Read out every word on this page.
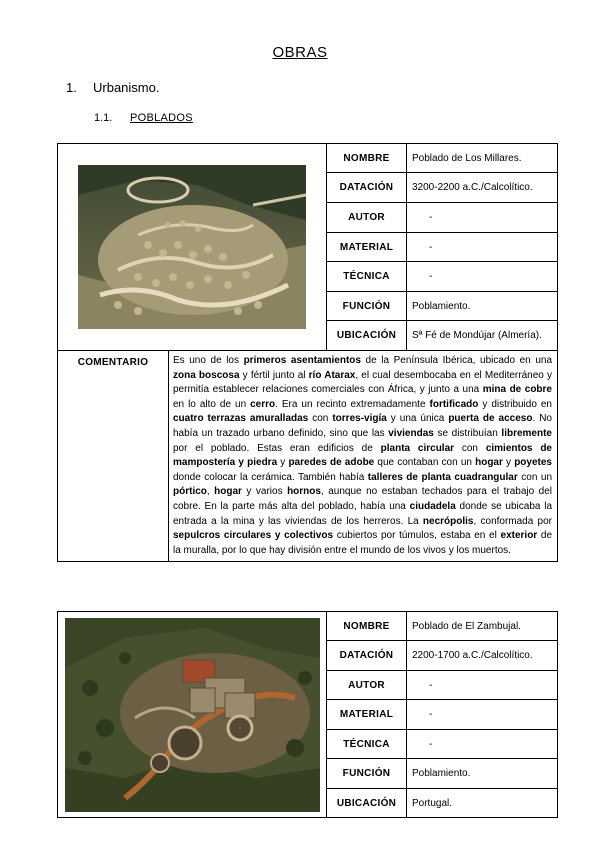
OBRAS
1. Urbanismo.
1.1. POBLADOS
	NOMBRE	Poblado de Los Millares.
	DATACIÓN	3200-2200 a.C./Calcolítico.
	AUTOR	-
	MATERIAL	-
	TÉCNICA	-
	FUNCIÓN	Poblamiento.
	UBICACIÓN	Sª Fé de Mondújar (Almería).
COMENTARIO	Es uno de los primeros asentamientos de la Península Ibérica, ubicado en una zona boscosa y fértil junto al río Atarax, el cual desembocaba en el Mediterráneo y permitía establecer relaciones comerciales con África, y junto a una mina de cobre en lo alto de un cerro. Era un recinto extremadamente fortificado y distribuido en cuatro terrazas amuralladas con torres-vigía y una única puerta de acceso. No había un trazado urbano definido, sino que las viviendas se distribuían libremente por el poblado. Estas eran edificios de planta circular con cimientos de mampostería y piedra y paredes de adobe que contaban con un hogar y poyetes donde colocar la cerámica. También había talleres de planta cuadrangular con un pórtico, hogar y varios hornos, aunque no estaban techados para el trabajo del cobre. En la parte más alta del poblado, había una ciudadela donde se ubicaba la entrada a la mina y las viviendas de los herreros. La necrópolis, conformada por sepulcros circulares y colectivos cubiertos por túmulos, estaba en el exterior de la muralla, por lo que hay división entre el mundo de los vivos y los muertos.
	NOMBRE	Poblado de El Zambujal.
	DATACIÓN	2200-1700 a.C./Calcolítico.
	AUTOR	-
	MATERIAL	-
	TÉCNICA	-
	FUNCIÓN	Poblamiento.
	UBICACIÓN	Portugal.
